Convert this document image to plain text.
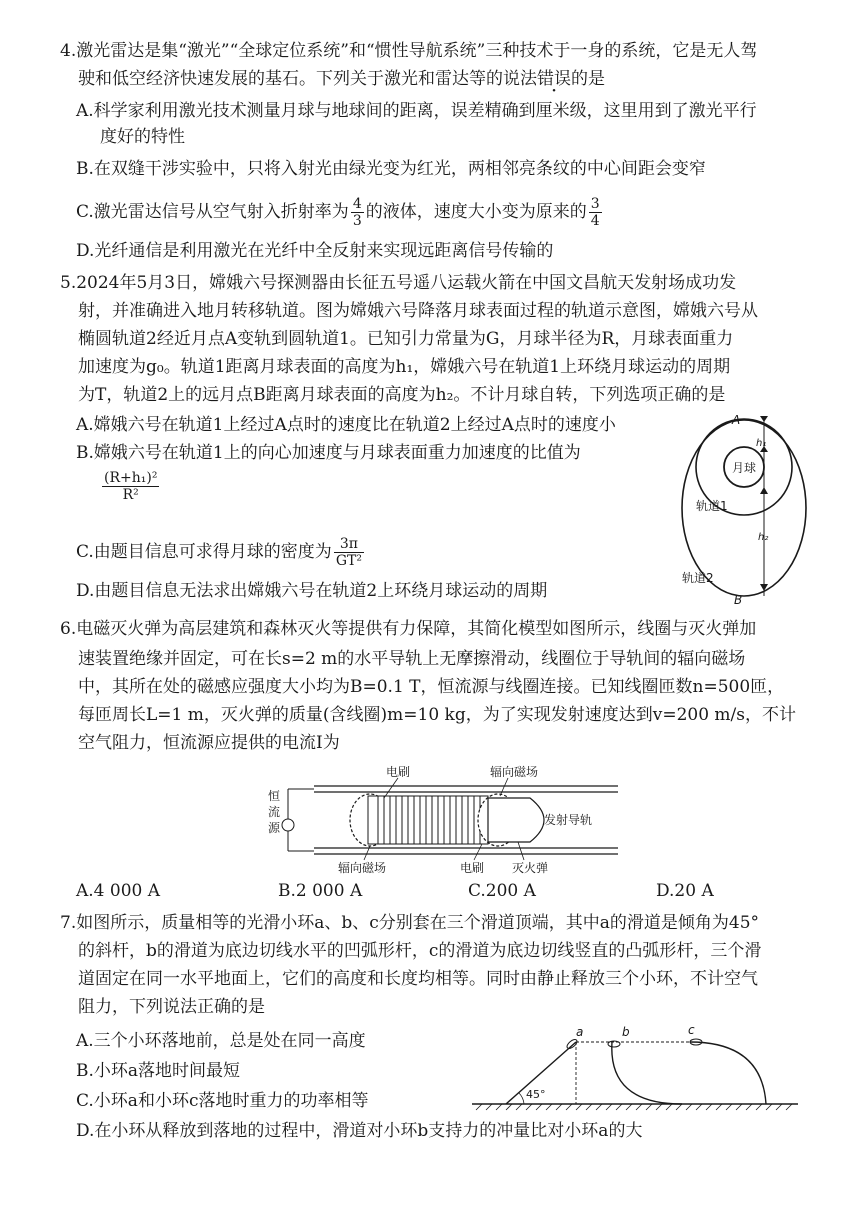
4.激光雷达是集“激光”“全球定位系统”和“惯性导航系统”三种技术于一身的系统，它是无人驾
驶和低空经济快速发展的基石。下列关于激光和雷达等的说法错误的是
A.科学家利用激光技术测量月球与地球间的距离，误差精确到厘米级，这里用到了激光平行
度好的特性
B.在双缝干涉实验中，只将入射光由绿光变为红光，两相邻亮条纹的中心间距会变窄
C.激光雷达信号从空气射入折射率为 $\frac{4}{3}$ 的液体，速度大小变为原来的 $\frac{3}{4}$
D.光纤通信是利用激光在光纤中全反射来实现远距离信号传输的
5.2024年5月3日，嫦娥六号探测器由长征五号遥八运载火箭在中国文昌航天发射场成功发
射，并准确进入地月转移轨道。图为嫦娥六号降落月球表面过程的轨道示意图，嫦娥六号从
椭圆轨道2经近月点A变轨到圆轨道1。已知引力常量为G，月球半径为R，月球表面重力
加速度为g₀。轨道1距离月球表面的高度为h₁，嫦娥六号在轨道1上环绕月球运动的周期
为T，轨道2上的远月点B距离月球表面的高度为h₂。不计月球自转，下列选项正确的是
A.嫦娥六号在轨道1上经过A点时的速度比在轨道2上经过A点时的速度小
B.嫦娥六号在轨道1上的向心加速度与月球表面重力加速度的比值为
$\frac{\text{(R+h₁)²}}{\text{R²}}$
C.由题目信息可求得月球的密度为 $\frac{3\pi}{\text{GT²}}$
D.由题目信息无法求出嫦娥六号在轨道2上环绕月球运动的周期
月球
h₁
h₂
A
B
轨道1
轨道2
6.电磁灭火弹为高层建筑和森林灭火等提供有力保障，其简化模型如图所示，线圈与灭火弹加
速装置绝缘并固定，可在长s=2 m的水平导轨上无摩擦滑动，线圈位于导轨间的辐向磁场
中，其所在处的磁感应强度大小均为B=0.1 T，恒流源与线圈连接。已知线圈匝数n=500匝，
每匝周长L=1 m，灭火弹的质量(含线圈)m=10 kg，为了实现发射速度达到v=200 m/s，不计
空气阻力，恒流源应提供的电流I为
恒
流
源
电刷	辐向磁场
发射导轨
辐向磁场	电刷 灭火弹
A.4 000 A	B.2 000 A	C.200 A	D.20 A
7.如图所示，质量相等的光滑小环a、b、c分别套在三个滑道顶端，其中a的滑道是倾角为45°
的斜杆，b的滑道为底边切线水平的凹弧形杆，c的滑道为底边切线竖直的凸弧形杆，三个滑
道固定在同一水平地面上，它们的高度和长度均相等。同时由静止释放三个小环，不计空气
阻力，下列说法正确的是
A.三个小环落地前，总是处在同一高度
B.小环a落地时间最短
C.小环a和小环c落地时重力的功率相等
D.在小环从释放到落地的过程中，滑道对小环b支持力的冲量比对小环a的大
45°
a	b	c
